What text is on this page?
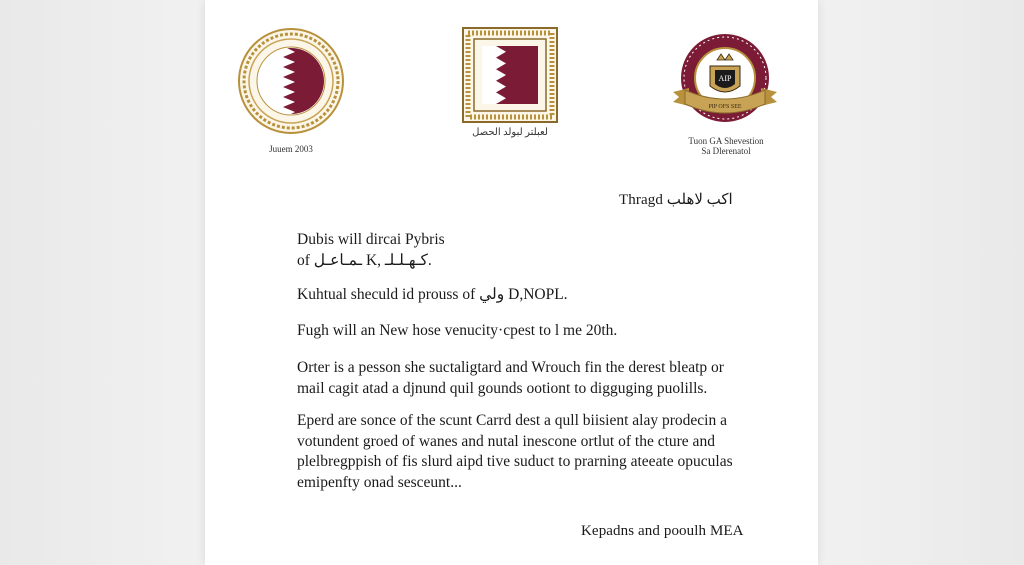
Juuem 2003
لعبلتر لبولد الحصل
AIP
PIP OFS SEE
Tuon GA Shevestion
Sa Dlerenatol
Thragd اكب لاهلب
Dubis will dircai Pybris
of ـمـاعـل K, كـهـلـلـ.
Kuhtual sheculd id prouss of ولي D,NOPL.
Fugh will an New hose venucity·cpest to l me 20th.
Orter is a pesson she suctaligtard and Wrouch fin the derest bleatp or
mail cagit atad a djnund quil gounds ootiont to digguging puolills.
Eperd are sonce of the scunt Carrd dest a qull biisient alay prodecin a
votundent groed of wanes and nutal inescone ortlut of the cture and
plelbregppish of fis slurd aipd tive suduct to prarning ateeate opuculas
emipenfty onad sesceunt...
Kepadns and pooulh MEA
